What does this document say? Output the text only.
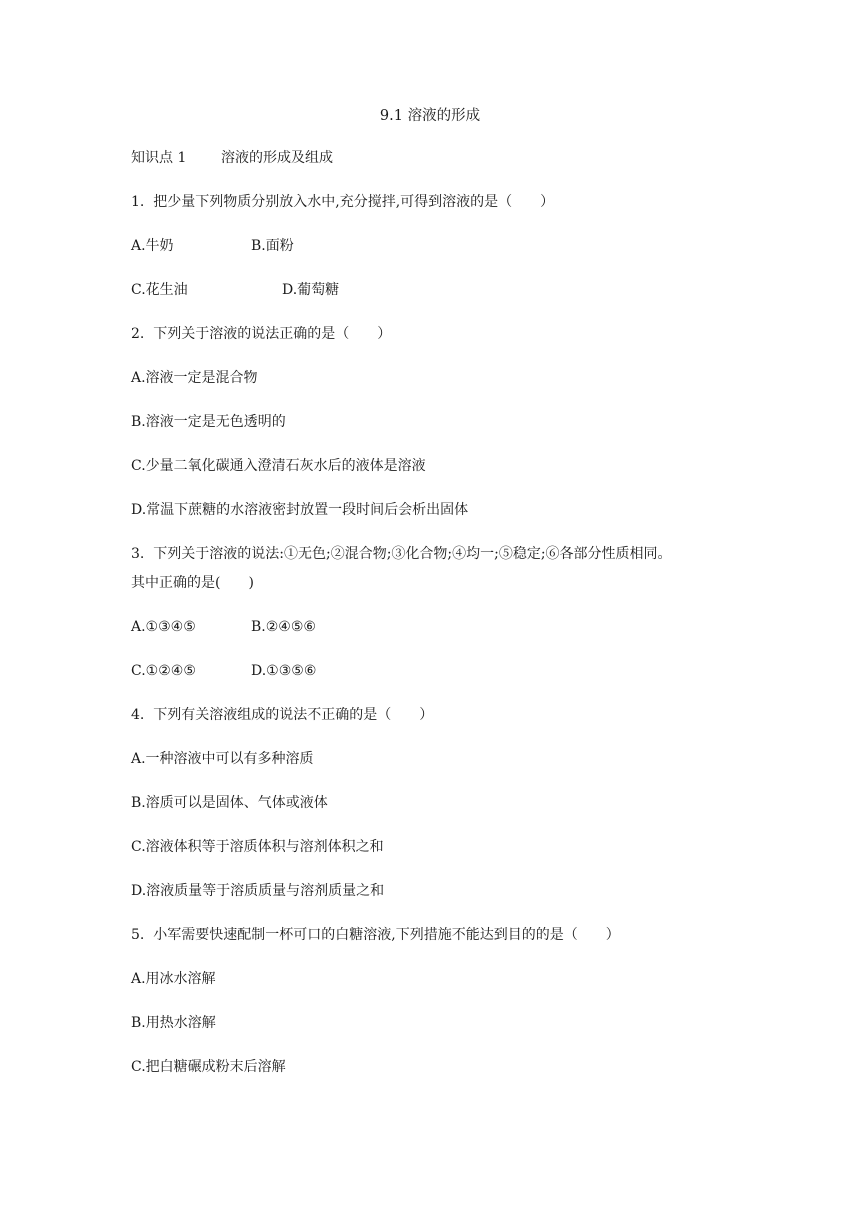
9.1 溶液的形成

知识点 1

溶液的形成及组成

1.  把少量下列物质分别放入水中,充分搅拌,可得到溶液的是（　　）

A.牛奶

	B.面粉

C.花生油

	D.葡萄糖

2.  下列关于溶液的说法正确的是（　　）
A.溶液一定是混合物
B.溶液一定是无色透明的
C.少量二氧化碳通入澄清石灰水后的液体是溶液
D.常温下蔗糖的水溶液密封放置一段时间后会析出固体
3.  下列关于溶液的说法:①无色;②混合物;③化合物;④均一;⑤稳定;⑥各部分性质相同。
其中正确的是(　　)

A.①③④⑤

	B.②④⑤⑥

C.①②④⑤

	D.①③⑤⑥

4.  下列有关溶液组成的说法不正确的是（　　）
A.一种溶液中可以有多种溶质
B.溶质可以是固体、气体或液体
C.溶液体积等于溶质体积与溶剂体积之和
D.溶液质量等于溶质质量与溶剂质量之和
5.  小军需要快速配制一杯可口的白糖溶液,下列措施不能达到目的的是（　　）
A.用冰水溶解
B.用热水溶解
C.把白糖碾成粉末后溶解
